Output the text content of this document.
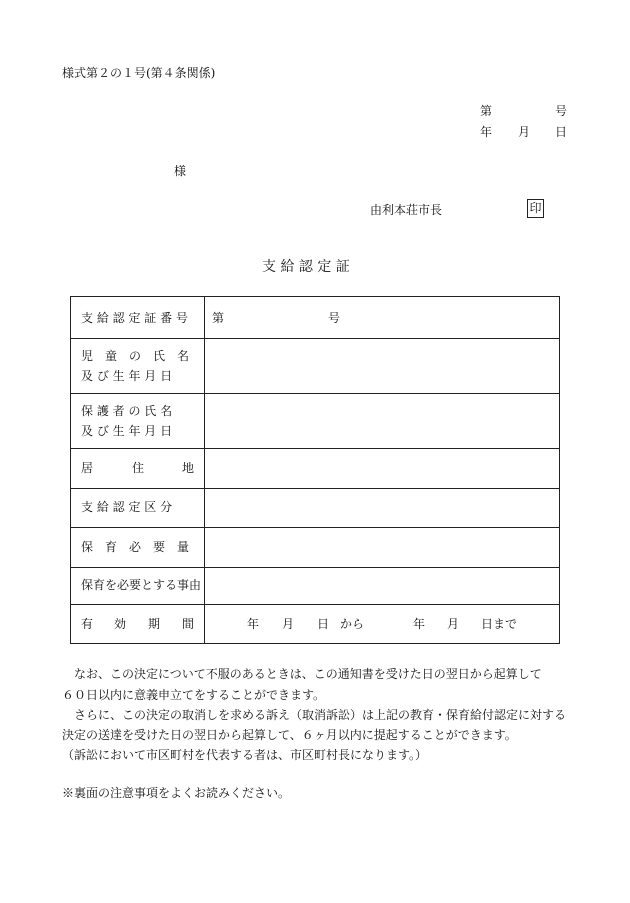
様式第２の１号(第４条関係)
第	号
年 月 日
様
由利本荘市長	印
支 給 認 定 証
支 給 認 定 証 番 号 第	号
児　童　の　氏　名
及 び 生 年 月 日
保 護 者 の 氏 名
及 び 生 年 月 日
居	住	地
支 給 認 定 区 分
保　育　必　要　量
保育を必要とする事由
有 効 期 間	年 月 日 から	年 月 日まで
なお、この決定について不服のあるときは、この通知書を受けた日の翌日から起算して
６０日以内に意義申立てをすることができます。
さらに、この決定の取消しを求める訴え（取消訴訟）は上記の教育・保育給付認定に対する
決定の送達を受けた日の翌日から起算して、６ヶ月以内に提起することができます。
（訴訟において市区町村を代表する者は、市区町村長になります。）
※裏面の注意事項をよくお読みください。
